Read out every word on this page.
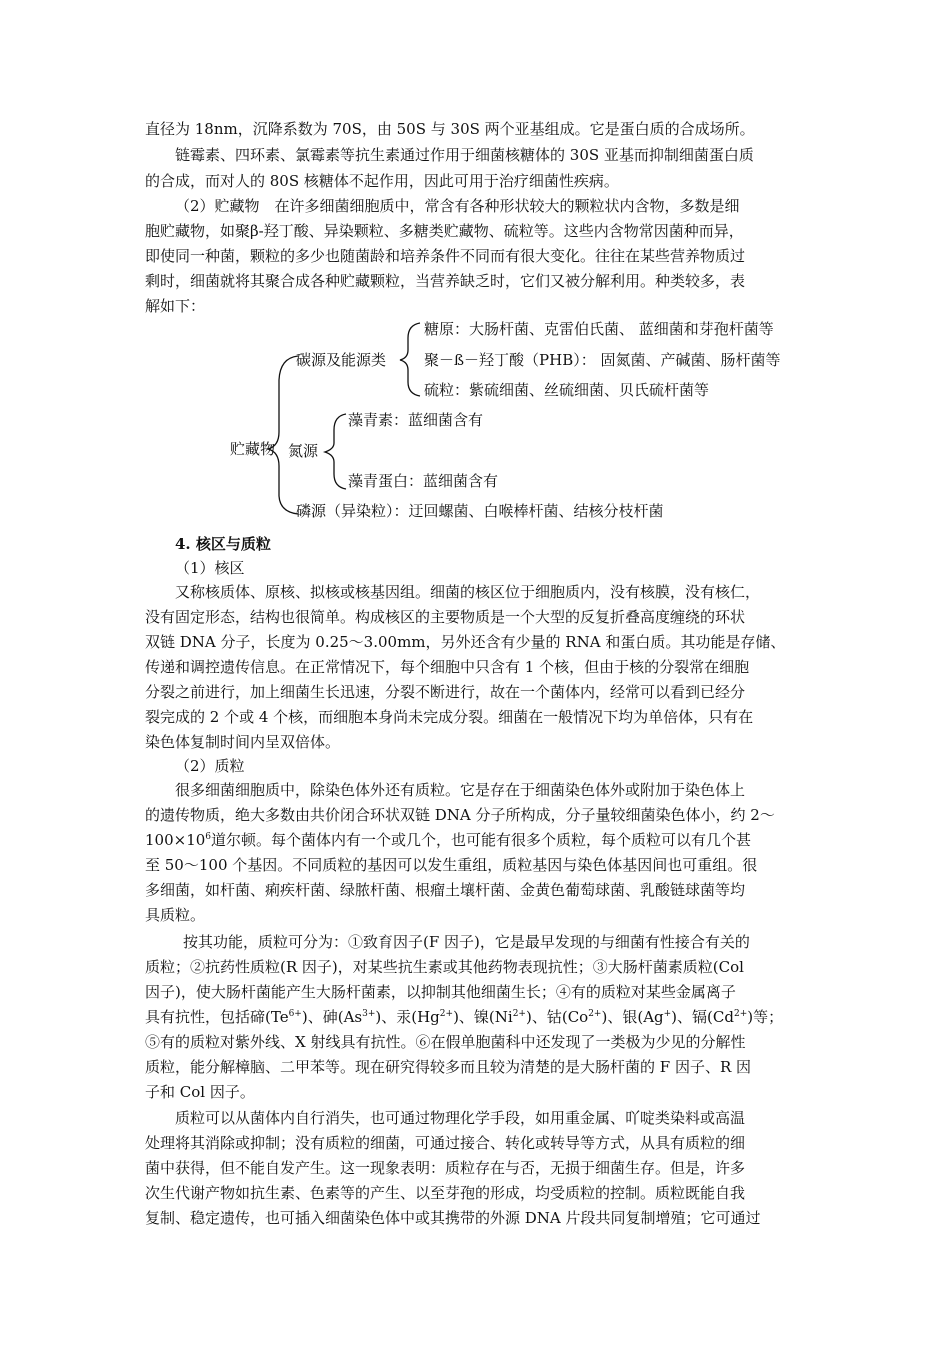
直径为 18nm，沉降系数为 70S，由 50S 与 30S 两个亚基组成。它是蛋白质的合成场所。
链霉素、四环素、氯霉素等抗生素通过作用于细菌核糖体的 30S 亚基而抑制细菌蛋白质
的合成，而对人的 80S 核糖体不起作用，因此可用于治疗细菌性疾病。
（2）贮藏物　在许多细菌细胞质中，常含有各种形状较大的颗粒状内含物，多数是细
胞贮藏物，如聚β-羟丁酸、异染颗粒、多糖类贮藏物、硫粒等。这些内含物常因菌种而异，
即使同一种菌，颗粒的多少也随菌龄和培养条件不同而有很大变化。往往在某些营养物质过
剩时，细菌就将其聚合成各种贮藏颗粒，当营养缺乏时，它们又被分解利用。种类较多，表
解如下：
贮藏物
碳源及能源类
糖原：大肠杆菌、克雷伯氏菌、 蓝细菌和芽孢杆菌等
聚－ß－羟丁酸（PHB）： 固氮菌、产碱菌、肠杆菌等
硫粒：紫硫细菌、丝硫细菌、贝氏硫杆菌等
氮源
藻青素：蓝细菌含有
藻青蛋白：蓝细菌含有
磷源（异染粒）：迂回螺菌、白喉棒杆菌、结核分枝杆菌
4. 核区与质粒
（1）核区
又称核质体、原核、拟核或核基因组。细菌的核区位于细胞质内，没有核膜，没有核仁，
没有固定形态，结构也很简单。构成核区的主要物质是一个大型的反复折叠高度缠绕的环状
双链 DNA 分子，长度为 0.25～3.00mm，另外还含有少量的 RNA 和蛋白质。其功能是存储、
传递和调控遗传信息。在正常情况下，每个细胞中只含有 1 个核，但由于核的分裂常在细胞
分裂之前进行，加上细菌生长迅速，分裂不断进行，故在一个菌体内，经常可以看到已经分
裂完成的 2 个或 4 个核，而细胞本身尚未完成分裂。细菌在一般情况下均为单倍体，只有在
染色体复制时间内呈双倍体。
（2）质粒
很多细菌细胞质中，除染色体外还有质粒。它是存在于细菌染色体外或附加于染色体上
的遗传物质，绝大多数由共价闭合环状双链 DNA 分子所构成，分子量较细菌染色体小，约 2～
$100\times 10^6$道尔顿。每个菌体内有一个或几个，也可能有很多个质粒，每个质粒可以有几个甚
至 50～100 个基因。不同质粒的基因可以发生重组，质粒基因与染色体基因间也可重组。很
多细菌，如杆菌、痢疾杆菌、绿脓杆菌、根瘤土壤杆菌、金黄色葡萄球菌、乳酸链球菌等均
具质粒。
按其功能，质粒可分为：①致育因子(F 因子)，它是最早发现的与细菌有性接合有关的
质粒；②抗药性质粒(R 因子)，对某些抗生素或其他药物表现抗性；③大肠杆菌素质粒(Col
因子)，使大肠杆菌能产生大肠杆菌素，以抑制其他细菌生长；④有的质粒对某些金属离子
具有抗性，包括碲$(Te^{6+})$、砷$(As^{3+})$、汞$(Hg^{2+})$、镍$(Ni^{2+})$、钴$(Co^{2+})$、银(Ag+)、镉$(Cd^{2+})$等；
⑤有的质粒对紫外线、X 射线具有抗性。⑥在假单胞菌科中还发现了一类极为少见的分解性
质粒，能分解樟脑、二甲苯等。现在研究得较多而且较为清楚的是大肠杆菌的 F 因子、R 因
子和 Col 因子。
质粒可以从菌体内自行消失，也可通过物理化学手段，如用重金属、吖啶类染料或高温
处理将其消除或抑制；没有质粒的细菌，可通过接合、转化或转导等方式，从具有质粒的细
菌中获得，但不能自发产生。这一现象表明：质粒存在与否，无损于细菌生存。但是，许多
次生代谢产物如抗生素、色素等的产生、以至芽孢的形成，均受质粒的控制。质粒既能自我
复制、稳定遗传，也可插入细菌染色体中或其携带的外源 DNA 片段共同复制增殖；它可通过
